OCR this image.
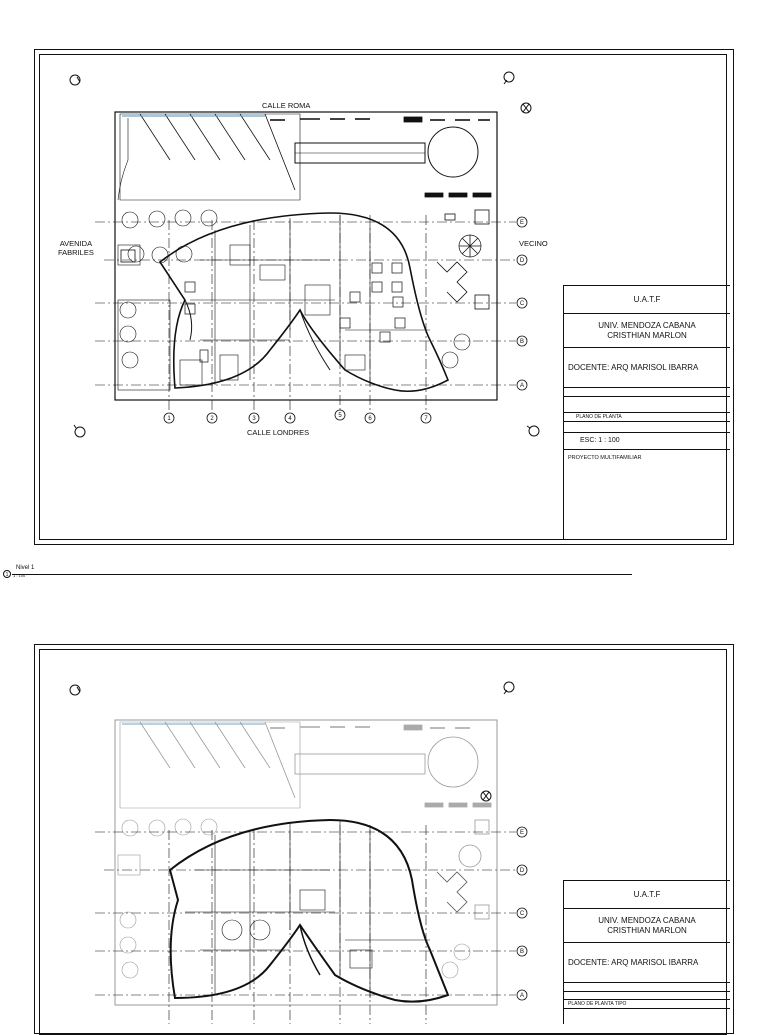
E
D
C
B
A
1	2	3	4	5	6	7
E
D
C
B
A
CALLE ROMA
CALLE LONDRES
AVENIDA
FABRILES
VECINO
U.A.T.F
UNIV. MENDOZA CABANA
CRISTHIAN MARLON
DOCENTE: ARQ MARISOL IBARRA
PLANO DE PLANTA
ESC: 1 : 100
PROYECTO MULTIFAMILIAR
1
Nivel 1
1 : 100
U.A.T.F
UNIV. MENDOZA CABANA
CRISTHIAN MARLON
DOCENTE: ARQ MARISOL IBARRA
PLANO DE PLANTA TIPO
